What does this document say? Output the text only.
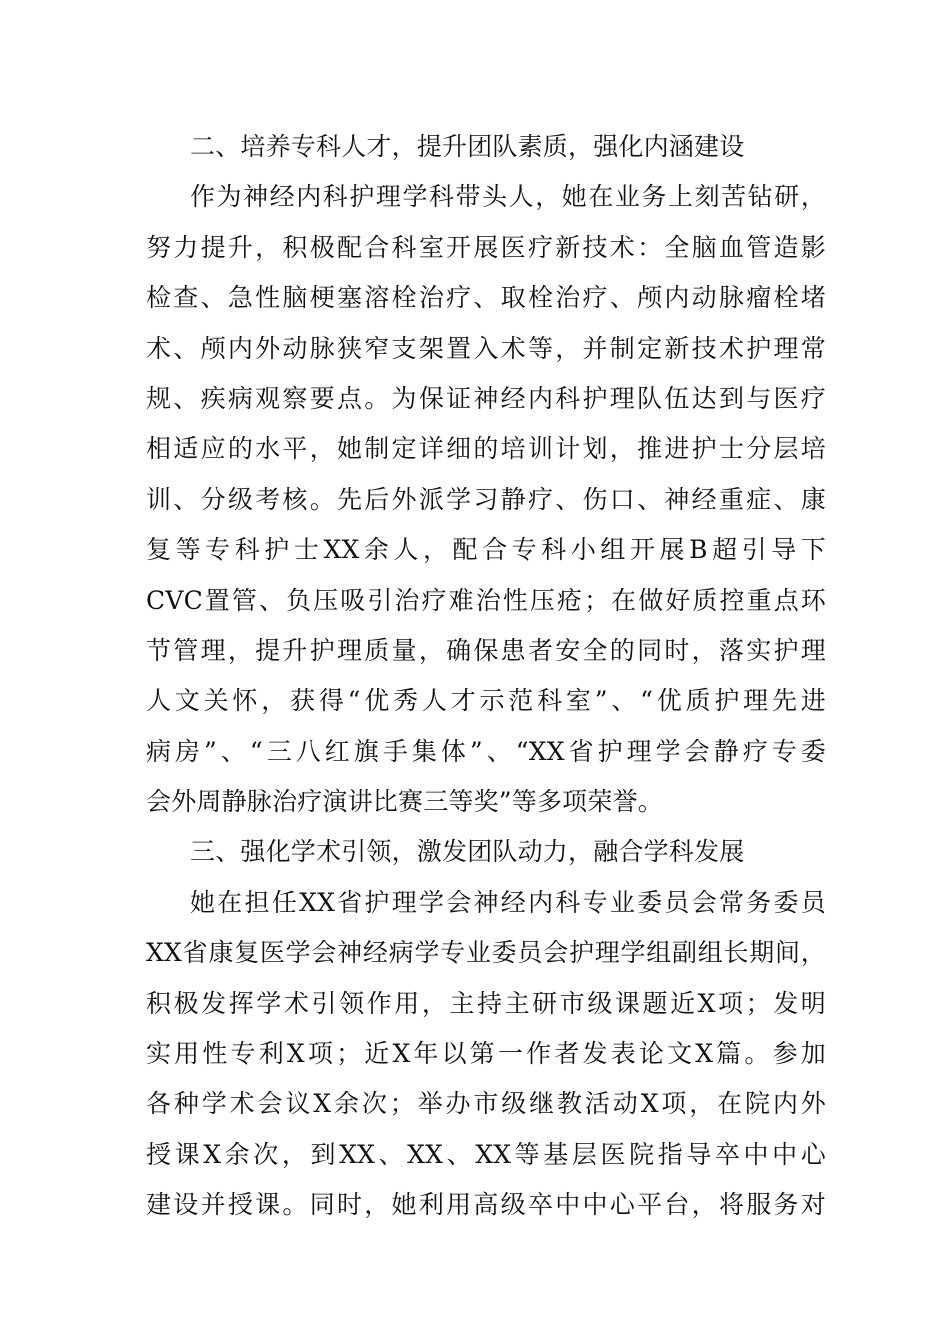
二、培养专科人才，提升团队素质，强化内涵建设
作为神经内科护理学科带头人，她在业务上刻苦钻研，
努力提升，积极配合科室开展医疗新技术：全脑血管造影
检查、急性脑梗塞溶栓治疗、取栓治疗、颅内动脉瘤栓堵
术、颅内外动脉狭窄支架置入术等，并制定新技术护理常
规、疾病观察要点。为保证神经内科护理队伍达到与医疗
相适应的水平，她制定详细的培训计划，推进护士分层培
训、分级考核。先后外派学习静疗、伤口、神经重症、康
复等专科护士XX余人，配合专科小组开展B超引导下
CVC置管、负压吸引治疗难治性压疮；在做好质控重点环
节管理，提升护理质量，确保患者安全的同时，落实护理
人文关怀，获得“优秀人才示范科室”、“优质护理先进
病房”、“三八红旗手集体”、“XX省护理学会静疗专委
会外周静脉治疗演讲比赛三等奖”等多项荣誉。
三、强化学术引领，激发团队动力，融合学科发展
她在担任XX省护理学会神经内科专业委员会常务委员
XX省康复医学会神经病学专业委员会护理学组副组长期间，
积极发挥学术引领作用，主持主研市级课题近X项；发明
实用性专利X项；近X年以第一作者发表论文X篇。参加
各种学术会议X余次；举办市级继教活动X项，在院内外
授课X余次，到XX、XX、XX等基层医院指导卒中中心
建设并授课。同时，她利用高级卒中中心平台，将服务对
